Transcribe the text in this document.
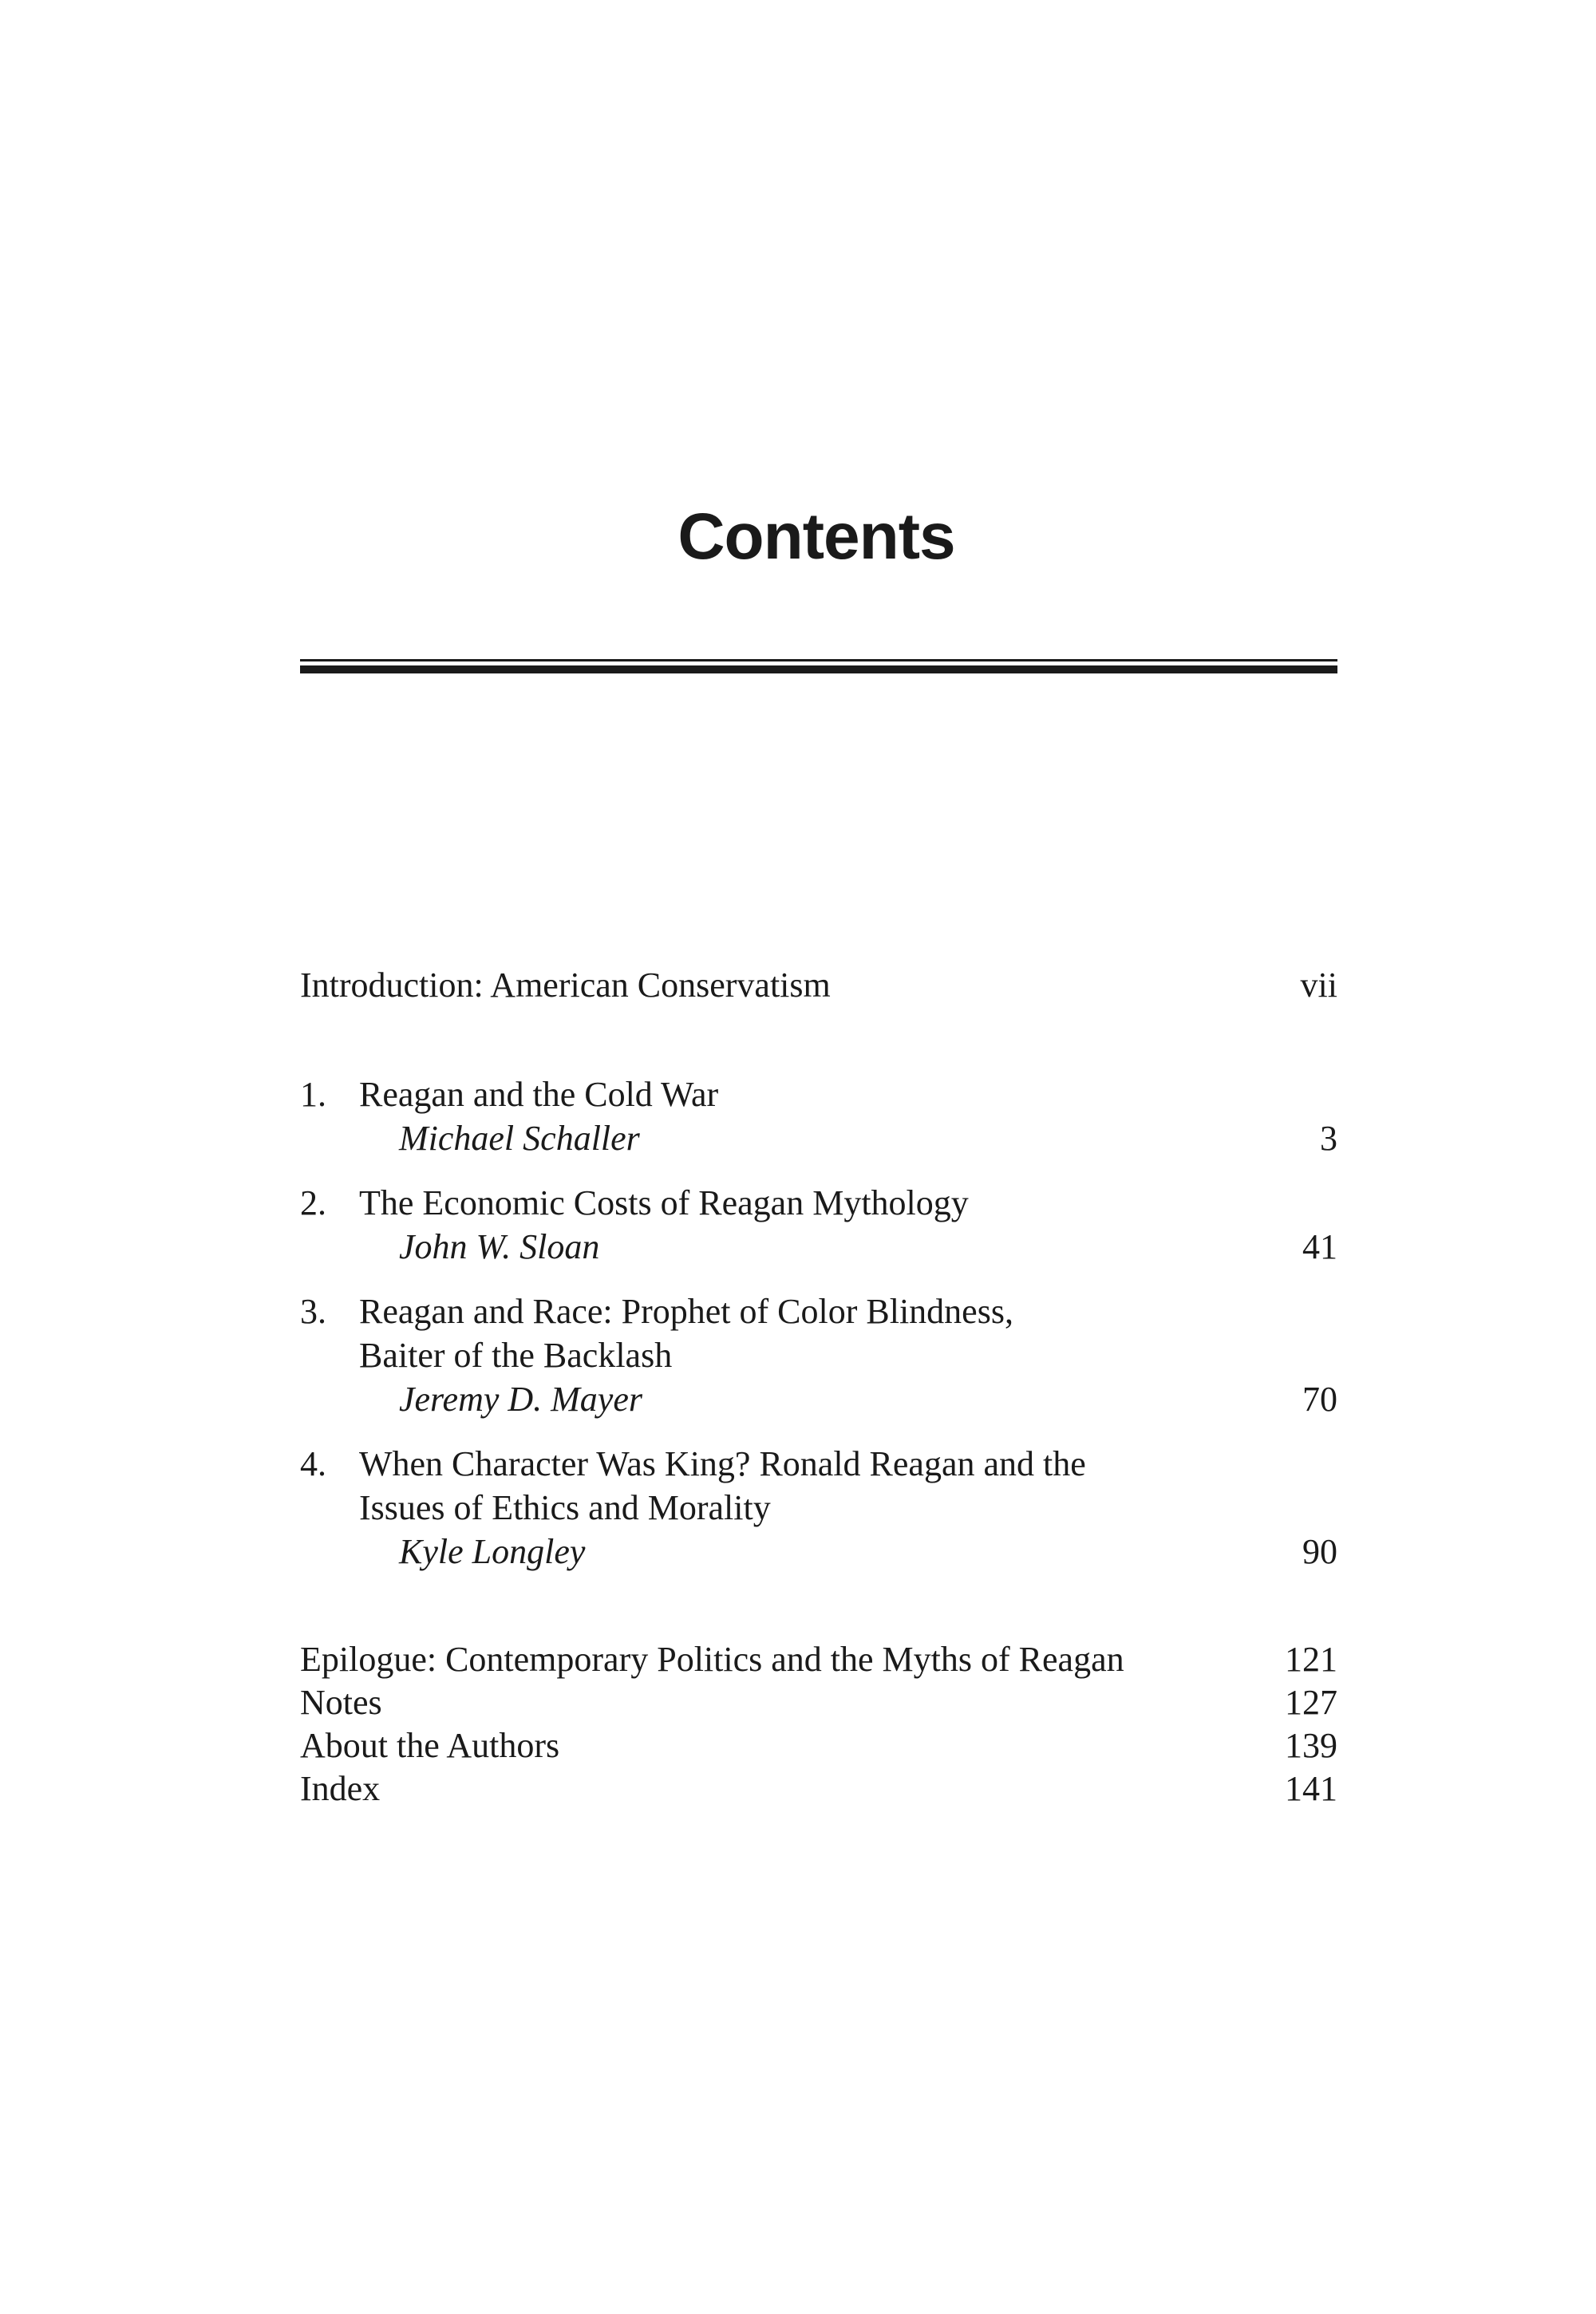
Contents
Introduction: American Conservatism	vii
1. Reagan and the Cold War
Michael Schaller	3
2. The Economic Costs of Reagan Mythology
John W. Sloan	41
3. Reagan and Race: Prophet of Color Blindness,
Baiter of the Backlash
Jeremy D. Mayer	70
4. When Character Was King? Ronald Reagan and the
Issues of Ethics and Morality
Kyle Longley	90
Epilogue: Contemporary Politics and the Myths of Reagan	121
Notes	127
About the Authors	139
Index	141
